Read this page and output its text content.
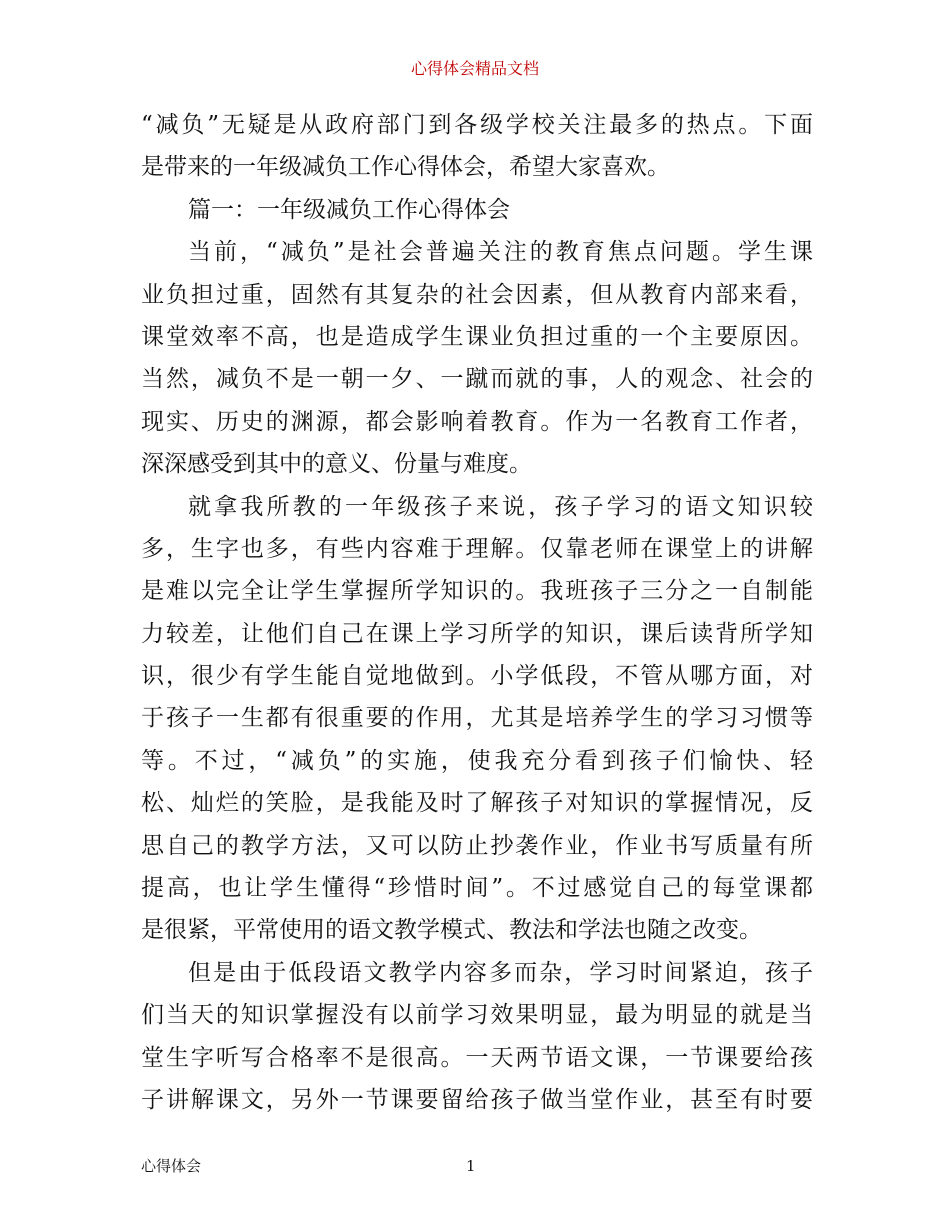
心得体会精品文档
“减负”无疑是从政府部门到各级学校关注最多的热点。下面
是带来的一年级减负工作心得体会，希望大家喜欢。
篇一：一年级减负工作心得体会
当前，“减负”是社会普遍关注的教育焦点问题。学生课
业负担过重，固然有其复杂的社会因素，但从教育内部来看，
课堂效率不高，也是造成学生课业负担过重的一个主要原因。
当然，减负不是一朝一夕、一蹴而就的事，人的观念、社会的
现实、历史的渊源，都会影响着教育。作为一名教育工作者，
深深感受到其中的意义、份量与难度。
就拿我所教的一年级孩子来说，孩子学习的语文知识较
多，生字也多，有些内容难于理解。仅靠老师在课堂上的讲解
是难以完全让学生掌握所学知识的。我班孩子三分之一自制能
力较差，让他们自己在课上学习所学的知识，课后读背所学知
识，很少有学生能自觉地做到。小学低段，不管从哪方面，对
于孩子一生都有很重要的作用，尤其是培养学生的学习习惯等
等。不过，“减负”的实施，使我充分看到孩子们愉快、轻
松、灿烂的笑脸，是我能及时了解孩子对知识的掌握情况，反
思自己的教学方法，又可以防止抄袭作业，作业书写质量有所
提高，也让学生懂得“珍惜时间”。不过感觉自己的每堂课都
是很紧，平常使用的语文教学模式、教法和学法也随之改变。
但是由于低段语文教学内容多而杂，学习时间紧迫，孩子
们当天的知识掌握没有以前学习效果明显，最为明显的就是当
堂生字听写合格率不是很高。一天两节语文课，一节课要给孩
子讲解课文，另外一节课要留给孩子做当堂作业，甚至有时要
心得体会	1
